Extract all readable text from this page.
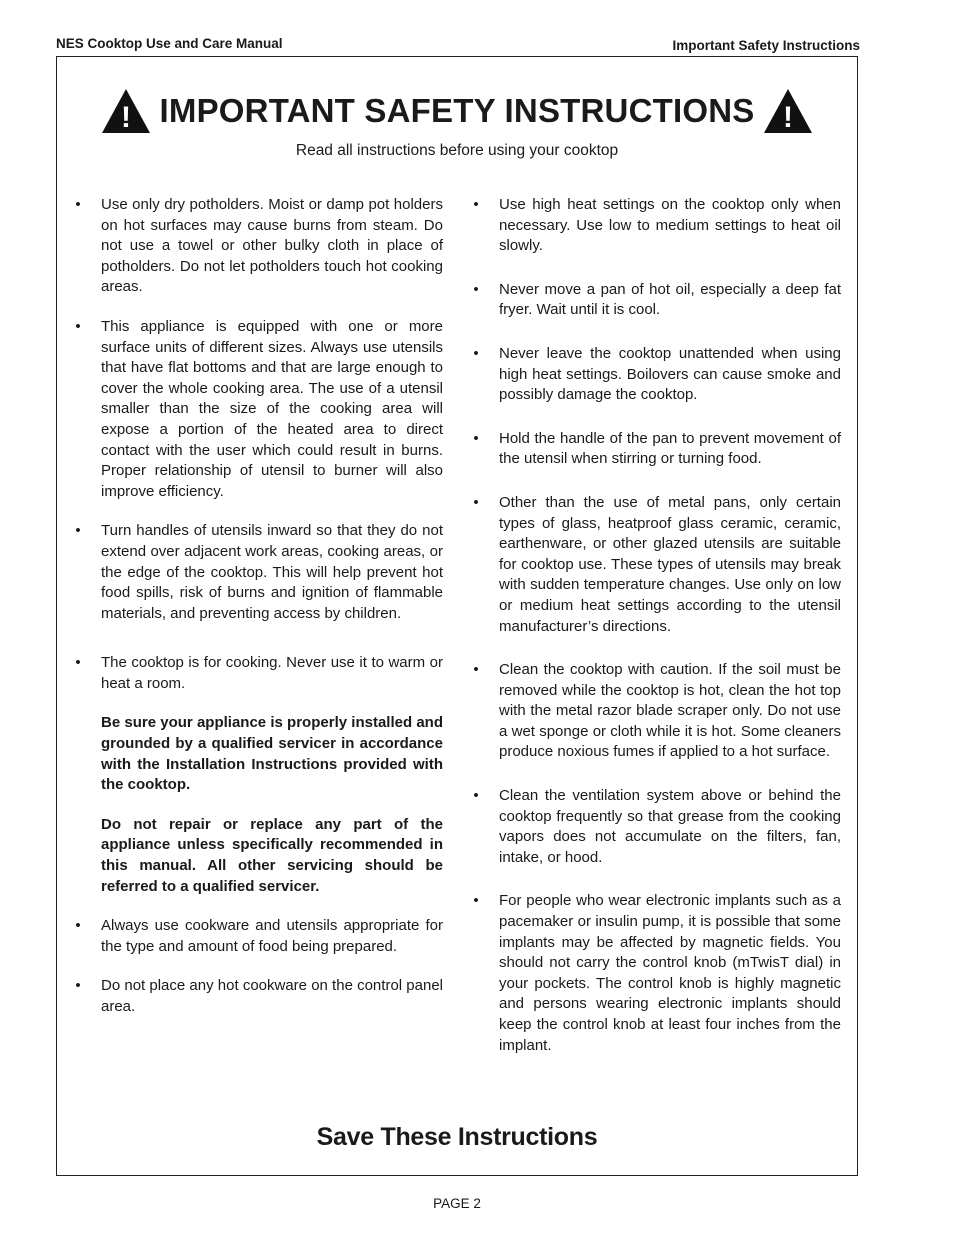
NES Cooktop Use and Care Manual	Important Safety Instructions
! IMPORTANT SAFETY INSTRUCTIONS !
Read all instructions before using your cooktop
• Use only dry potholders. Moist or damp pot holders on hot surfaces may cause burns from steam. Do not use a towel or other bulky cloth in place of potholders. Do not let potholders touch hot cooking areas.
• This appliance is equipped with one or more surface units of different sizes. Always use utensils that have flat bottoms and that are large enough to cover the whole cooking area. The use of a utensil smaller than the size of the cooking area will expose a portion of the heated area to direct contact with the user which could result in burns. Proper relationship of utensil to burner will also improve efficiency.
• Turn handles of utensils inward so that they do not extend over adjacent work areas, cooking areas, or the edge of the cooktop. This will help prevent hot food spills, risk of burns and ignition of flammable materials, and preventing access by children.
• The cooktop is for cooking. Never use it to warm or heat a room.
Be sure your appliance is properly installed and grounded by a qualified servicer in accordance with the Installation Instructions provided with the cooktop.
Do not repair or replace any part of the appliance unless specifically recommended in this manual. All other servicing should be referred to a qualified servicer.
• Always use cookware and utensils appropriate for the type and amount of food being prepared.
• Do not place any hot cookware on the control panel area.
• Use high heat settings on the cooktop only when necessary. Use low to medium settings to heat oil slowly.
• Never move a pan of hot oil, especially a deep fat fryer. Wait until it is cool.
• Never leave the cooktop unattended when using high heat settings. Boilovers can cause smoke and possibly damage the cooktop.
• Hold the handle of the pan to prevent movement of the utensil when stirring or turning food.
• Other than the use of metal pans, only certain types of glass, heatproof glass ceramic, ceramic, earthenware, or other glazed utensils are suitable for cooktop use. These types of utensils may break with sudden temperature changes. Use only on low or medium heat settings according to the utensil manufacturer’s directions.
• Clean the cooktop with caution. If the soil must be removed while the cooktop is hot, clean the hot top with the metal razor blade scraper only. Do not use a wet sponge or cloth while it is hot. Some cleaners produce noxious fumes if applied to a hot surface.
• Clean the ventilation system above or behind the cooktop frequently so that grease from the cooking vapors does not accumulate on the filters, fan, intake, or hood.
• For people who wear electronic implants such as a pacemaker or insulin pump, it is possible that some implants may be affected by magnetic fields. You should not carry the control knob (mTwisT dial) in your pockets. The control knob is highly magnetic and persons wearing electronic implants should keep the control knob at least four inches from the implant.
Save These Instructions
PAGE 2
